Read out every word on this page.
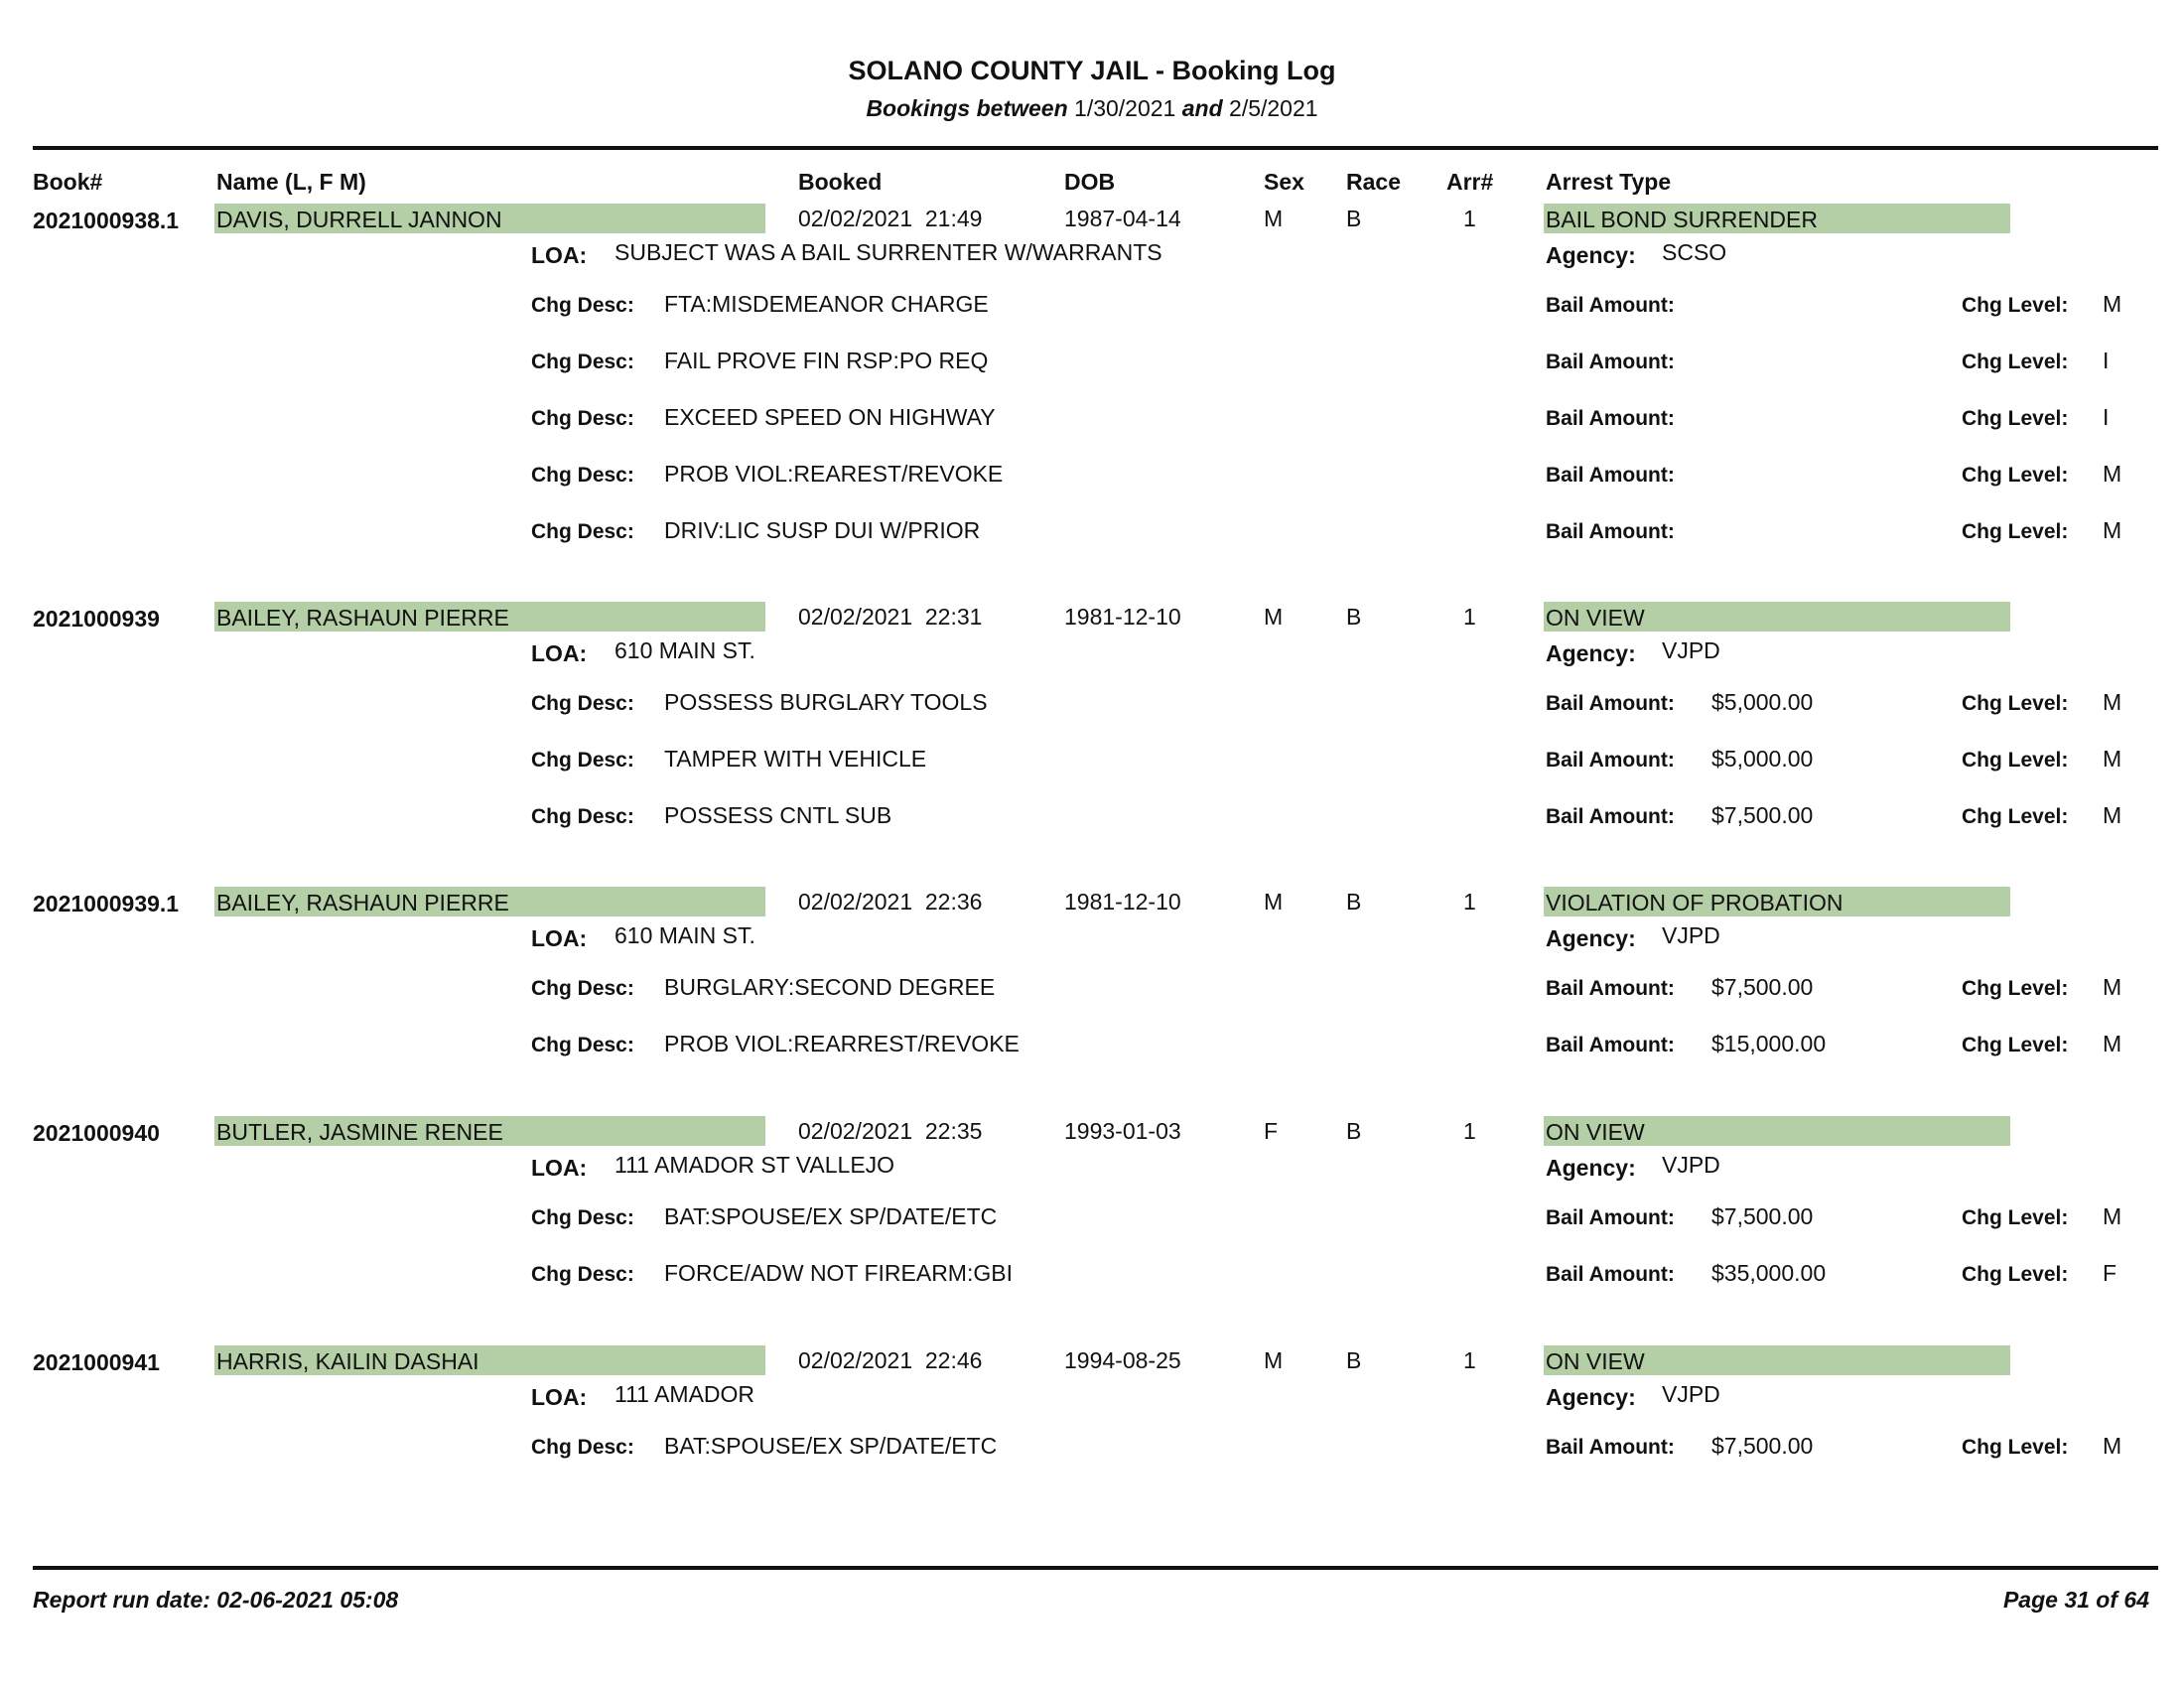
SOLANO COUNTY JAIL - Booking Log
Bookings between 1/30/2021 and 2/5/2021
Book#	Name (L, F M)	Booked	DOB	Sex Race Arr# Arrest Type
2021000938.1 DAVIS, DURRELL JANNON	02/02/2021  21:49	1987-04-14	M	B	1	BAIL BOND SURRENDER
LOA: SUBJECT WAS A BAIL SURRENTER W/WARRANTS	Agency: SCSO
Chg Desc: FTA:MISDEMEANOR CHARGE	Bail Amount:	Chg Level: M
Chg Desc: FAIL PROVE FIN RSP:PO REQ	Bail Amount:	Chg Level: I
Chg Desc: EXCEED SPEED ON HIGHWAY	Bail Amount:	Chg Level: I
Chg Desc: PROB VIOL:REAREST/REVOKE	Bail Amount:	Chg Level: M
Chg Desc: DRIV:LIC SUSP DUI W/PRIOR	Bail Amount:	Chg Level: M
2021000939 BAILEY, RASHAUN PIERRE	02/02/2021  22:31	1981-12-10	M	B	1	ON VIEW
LOA: 610 MAIN ST.	Agency: VJPD
Chg Desc: POSSESS BURGLARY TOOLS	Bail Amount: $5,000.00	Chg Level: M
Chg Desc: TAMPER WITH VEHICLE	Bail Amount: $5,000.00	Chg Level: M
Chg Desc: POSSESS CNTL SUB	Bail Amount: $7,500.00	Chg Level: M
2021000939.1 BAILEY, RASHAUN PIERRE	02/02/2021  22:36	1981-12-10	M	B	1	VIOLATION OF PROBATION
LOA: 610 MAIN ST.	Agency: VJPD
Chg Desc: BURGLARY:SECOND DEGREE	Bail Amount: $7,500.00	Chg Level: M
Chg Desc: PROB VIOL:REARREST/REVOKE	Bail Amount: $15,000.00	Chg Level: M
2021000940 BUTLER, JASMINE RENEE	02/02/2021  22:35	1993-01-03	F	B	1	ON VIEW
LOA: 111 AMADOR ST VALLEJO	Agency: VJPD
Chg Desc: BAT:SPOUSE/EX SP/DATE/ETC	Bail Amount: $7,500.00	Chg Level: M
Chg Desc: FORCE/ADW NOT FIREARM:GBI	Bail Amount: $35,000.00	Chg Level: F
2021000941 HARRIS, KAILIN DASHAI	02/02/2021  22:46	1994-08-25	M	B	1	ON VIEW
LOA: 111 AMADOR	Agency: VJPD
Chg Desc: BAT:SPOUSE/EX SP/DATE/ETC	Bail Amount: $7,500.00	Chg Level: M
Report run date: 02-06-2021 05:08	Page 31 of 64
